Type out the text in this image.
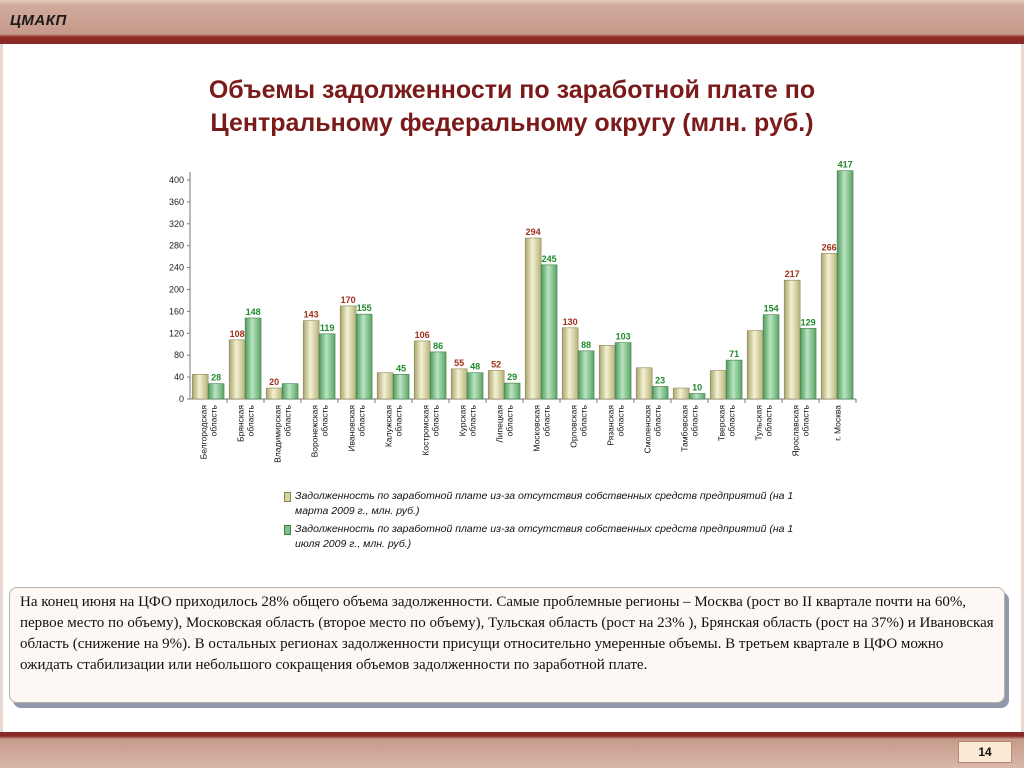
ЦМАКП
Объемы задолженности по заработной плате по
Центральному федеральному округу (млн. руб.)
0
40
80
120
160
200
240
280
320
360
400
28
Белгородскаяобласть
108
148
Брянскаяобласть
20
Владимирскаяобласть
143
119
Воронежскаяобласть
170
155
Ивановскаяобласть
45
Калужскаяобласть
106
86
Костромскаяобласть
55 48
Курскаяобласть
52
29
Липецкаяобласть
294
245
Московскаяобласть
130
88
Орловскаяобласть
103
Рязанскаяобласть
23
Смоленскаяобласть
10
Тамбовскаяобласть
71
Тверскаяобласть
154
Тульскаяобласть
217
129
Ярославскаяобласть
266
417
г. Москва
Задолженность по заработной плате из-за отсутствия собственных средств предприятий (на 1 марта 2009 г., млн. руб.)
Задолженность по заработной плате из-за отсутствия собственных средств предприятий (на 1 июля 2009 г., млн. руб.)
На конец июня на ЦФО приходилось 28% общего объема задолженности. Самые проблемные регионы – Москва (рост во II квартале почти на 60%, первое место по объему), Московская область (второе место по объему), Тульская область (рост на 23% ), Брянская область (рост на 37%) и Ивановская область (снижение на 9%). В остальных регионах задолженности присущи относительно умеренные объемы. В третьем квартале в ЦФО можно ожидать стабилизации или небольшого сокращения объемов задолженности по заработной плате.
14
